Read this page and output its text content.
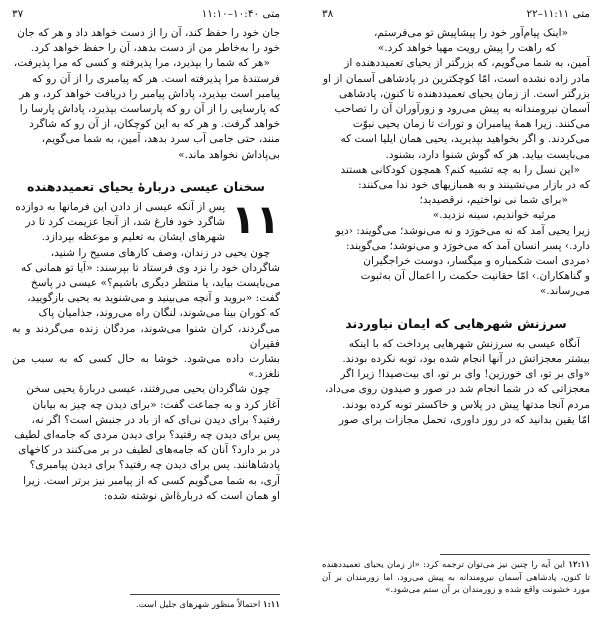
متی ۱۱:۱۱–۲۲
۳۸

«اینک پیام‌آور خود را پیشاپیش تو می‌فرستم،

که راهت را پیش رویت مهیا خواهد کرد.»

آمین، به شما می‌گویم، که بزرگتر از یحیای تعمیددهنده از

مادر زاده نشده است، امّا کوچکترین در پادشاهی آسمان از او

بزرگتر است. از زمان یحیای تعمیددهنده تا کنون، پادشاهی

آسمان نیرومندانه به پیش می‌رود و زورآوران آن را تصاحب

می‌کنند. زیرا همهٔ پیامبران و تورات تا زمان یحیی نبوّت

می‌کردند. و اگر بخواهید بپذیرید، یحیی همان ایلیا است که

می‌بایست بیاید. هر که گوش شنوا دارد، بشنود.

«این نسل را به چه تشبیه کنم؟ همچون کودکانی هستند

که در بازار می‌نشینند و به همبازیهای خود ندا می‌کنند:

«برای شما نی نواختیم، نرقصیدید؛

مرثیه خواندیم، سینه نزدید.»

زیرا یحیی آمد که نه می‌خورَد و نه می‌نوشد؛ می‌گویند: ‹دیو

دارد.› پسر انسان آمد که می‌خورَد و می‌نوشد؛ می‌گویند:

‹مردی است شکمباره و میگسار، دوست خراجگیران

و گناهکاران.› امّا حقانیت حکمت را اعمال آن به‌ثبوت

می‌رساند.»

سرزنش شهرهایی که ایمان نیاوردند

آنگاه عیسی به سرزنش شهرهایی پرداخت که با اینکه

بیشتر معجزاتش در آنها انجام شده بود، توبه نکرده بودند.

«وای بر تو، ای خورزین! وای بر تو، ای بیت‌صیدا! زیرا اگر

معجزاتی که در شما انجام شد در صور و صیدون روی می‌داد،

مردم آنجا مدتها پیش در پلاس و خاکستر توبه کرده بودند.

امّا یقین بدانید که در روز داوری، تحمل مجازات برای صور

۱۲:۱۱ این آیه را چنین نیز می‌توان ترجمه کرد: «از زمان یحیای تعمیددهنده تا کنون، پادشاهی آسمان نیرومندانه به پیش می‌رود، اما زورمندان بر آن مورد خشونت واقع شده و زورمندان بر آن ستم می‌شود.»
متی ۱۰:۴۰–۱۱:۱۰
۳۷

جان خود را حفظ کند، آن را از دست خواهد داد و هر که جان

خود را به‌خاطر من از دست بدهد، آن را حفظ خواهد کرد.

«هر که شما را بپذیرد، مرا پذیرفته و کسی که مرا پذیرفت،

فرستندهٔ مرا پذیرفته است. هر که پیامبری را از آن رو که

پیامبر است بپذیرد، پاداش پیامبر را دریافت خواهد کرد، و هر

که پارسایی را از آن رو که پارساست بپذیرد، پاداش پارسا را

خواهد گرفت. و هر که به این کوچکان، از آن رو که شاگرد

منند، حتی جامی آب سرد بدهد، آمین، به شما می‌گویم،

بی‌پاداش نخواهد ماند.»

سخنان عیسی دربارهٔ یحیای تعمیددهنده
۱۱

پس از آنکه عیسی از دادن این فرمانها به دوازده

شاگرد خود فارغ شد، از آنجا عزیمت کرد تا در

شهرهای ایشان به تعلیم و موعظه بپردازد.

چون یحیی در زندان، وصف کارهای مسیح را شنید،

شاگردان خود را نزد وی فرستاد تا بپرسند: «آیا تو همانی که

می‌بایست بیاید، یا منتظر دیگری باشیم؟» عیسی در پاسخ

گفت: «بروید و آنچه می‌بینید و می‌شنوید به یحیی بازگویید،

که کوران بینا می‌شوند، لنگان راه می‌روند، جذامیان پاک

می‌گردند، کران شنوا می‌شوند، مردگان زنده می‌گردند و به فقیران

بشارت داده می‌شود. خوشا به حال کسی که به سبب من نلغزد.»

چون شاگردان یحیی می‌رفتند، عیسی دربارهٔ یحیی سخن

آغاز کرد و به جماعت گفت: «برای دیدن چه چیز به بیابان

رفتید؟ برای دیدن نی‌ای که از باد در جنبش است؟ اگر نه،

پس برای دیدن چه رفتید؟ برای دیدن مردی که جامه‌ای لطیف

در بر دارد؟ آنان که جامه‌های لطیف در بر می‌کنند در کاخهای

پادشاهانند. پس برای دیدن چه رفتید؟ برای دیدن پیامبری؟

آری، به شما می‌گویم کسی که از پیامبر نیز برتر است. زیرا

او همان است که دربارهٔ‌اش نوشته شده:

۱:۱۱ احتمالاً منظور شهرهای جلیل است.
